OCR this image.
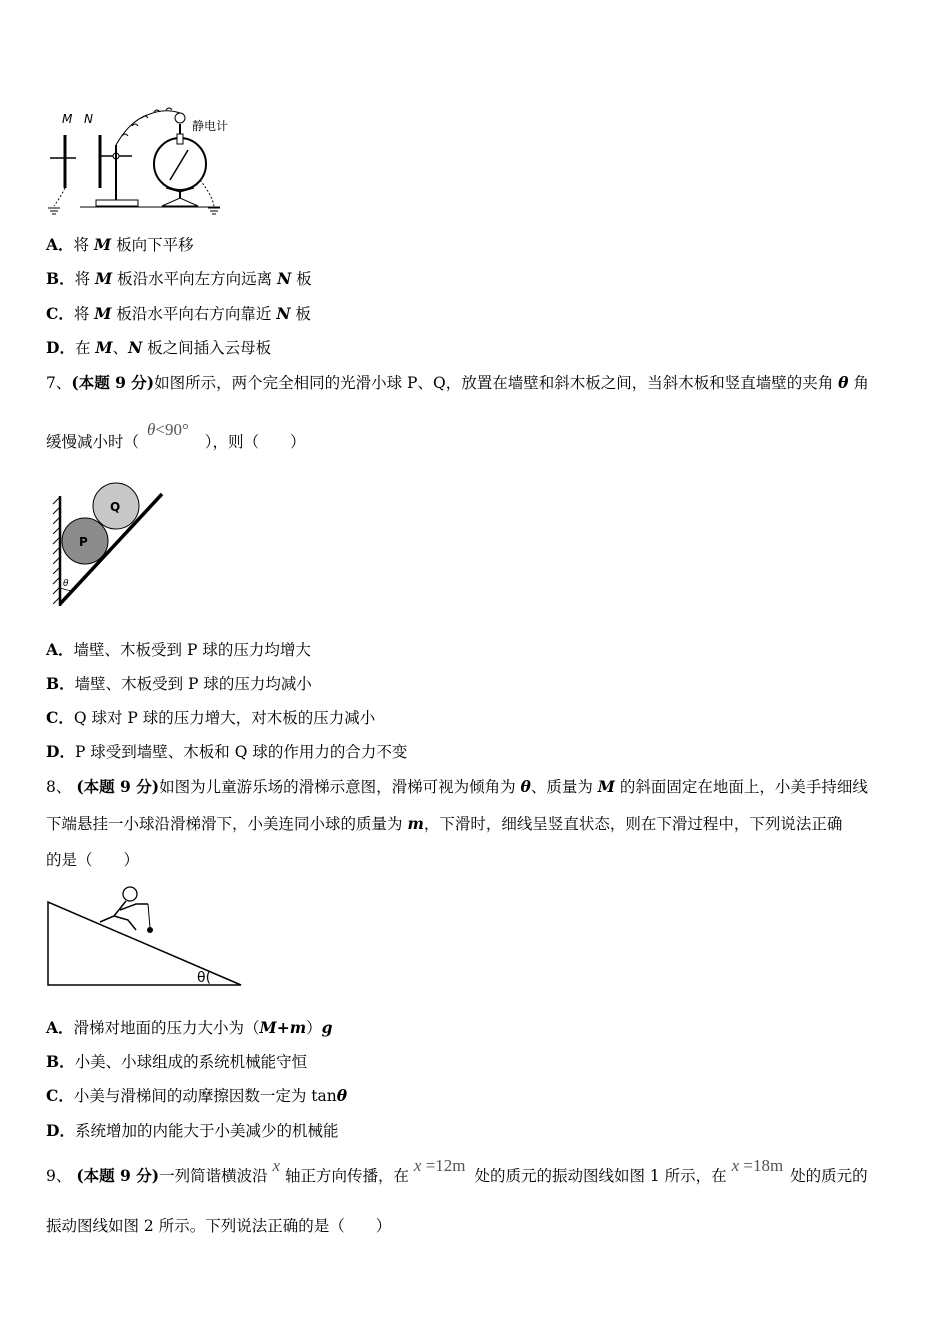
M N	静电计
A．将 M 板向下平移
B．将 M 板沿水平向左方向远离 N 板
C．将 M 板沿水平向右方向靠近 N 板
D．在 M、N 板之间插入云母板
7、(本题 9 分)如图所示，两个完全相同的光滑小球 P、Q，放置在墙壁和斜木板之间，当斜木板和竖直墙壁的夹角 θ 角
缓慢减小时（θ<90°），则（　　）
Q
P
θ
A．墙壁、木板受到 P 球的压力均增大
B．墙壁、木板受到 P 球的压力均减小
C．Q 球对 P 球的压力增大，对木板的压力减小
D．P 球受到墙壁、木板和 Q 球的作用力的合力不变
8、 (本题 9 分)如图为儿童游乐场的滑梯示意图，滑梯可视为倾角为 θ、质量为 M 的斜面固定在地面上，小美手持细线
下端悬挂一小球沿滑梯滑下，小美连同小球的质量为 m，下滑时，细线呈竖直状态，则在下滑过程中，下列说法正确
的是（　　）
θ(
A．滑梯对地面的压力大小为（M+m）g
B．小美、小球组成的系统机械能守恒
C．小美与滑梯间的动摩擦因数一定为 tanθ
D．系统增加的内能大于小美减少的机械能
9、 (本题 9 分)一列简谐横波沿 x 轴正方向传播，在 x =12m 处的质元的振动图线如图 1 所示，在 x =18m 处的质元的
振动图线如图 2 所示。下列说法正确的是（　　）
